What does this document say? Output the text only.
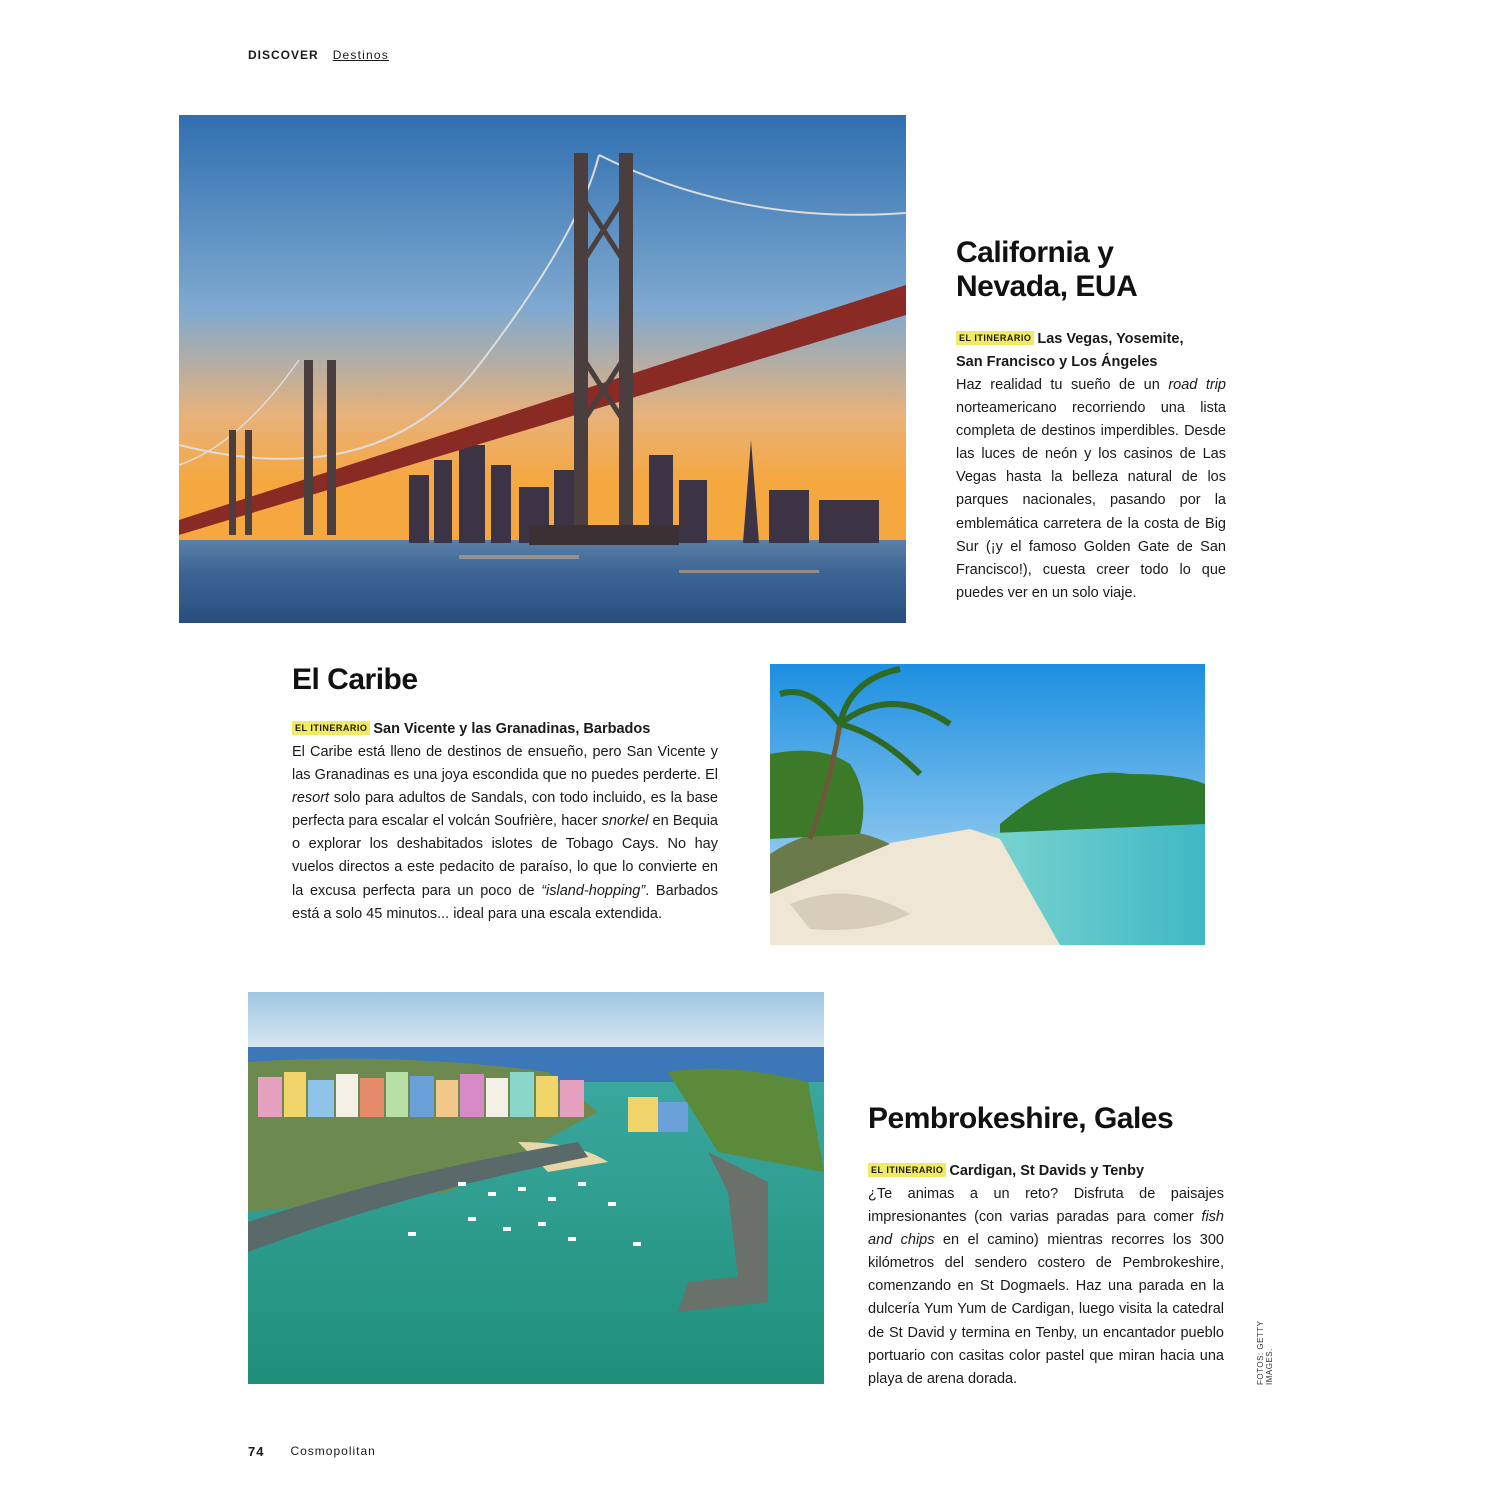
DISCOVER Destinos
California y
Nevada, EUA
EL ITINERARIO Las Vegas, Yosemite,
San Francisco y Los Ángeles

Haz realidad tu sueño de un road trip norteamericano recorriendo una lista completa de destinos imperdibles. Desde las luces de neón y los casinos de Las Vegas hasta la belleza natural de los parques nacionales, pasando por la emblemática carretera de la costa de Big Sur (¡y el famoso Golden Gate de San Francisco!), cuesta creer todo lo que puedes ver en un solo viaje.

El Caribe
EL ITINERARIO San Vicente y las Granadinas, Barbados

El Caribe está lleno de destinos de ensueño, pero San Vicente y las Granadinas es una joya escondida que no puedes perderte. El resort solo para adultos de Sandals, con todo incluido, es la base perfecta para escalar el volcán Soufrière, hacer snorkel en Bequia o explorar los deshabitados islotes de Tobago Cays. No hay vuelos directos a este pedacito de paraíso, lo que lo convierte en la excusa perfecta para un poco de “island-hopping”. Barbados está a solo 45 minutos... ideal para una escala extendida.

Pembrokeshire, Gales
EL ITINERARIO Cardigan, St Davids y Tenby

¿Te animas a un reto? Disfruta de paisajes impresionantes (con varias paradas para comer fish and chips en el camino) mientras recorres los 300 kilómetros del sendero costero de Pembrokeshire, comenzando en St Dogmaels. Haz una parada en la dulcería Yum Yum de Cardigan, luego visita la catedral de St David y termina en Tenby, un encantador pueblo portuario con casitas color pastel que miran hacia una playa de arena dorada.	FOTOS: GETTY IMAGES.
74 Cosmopolitan
